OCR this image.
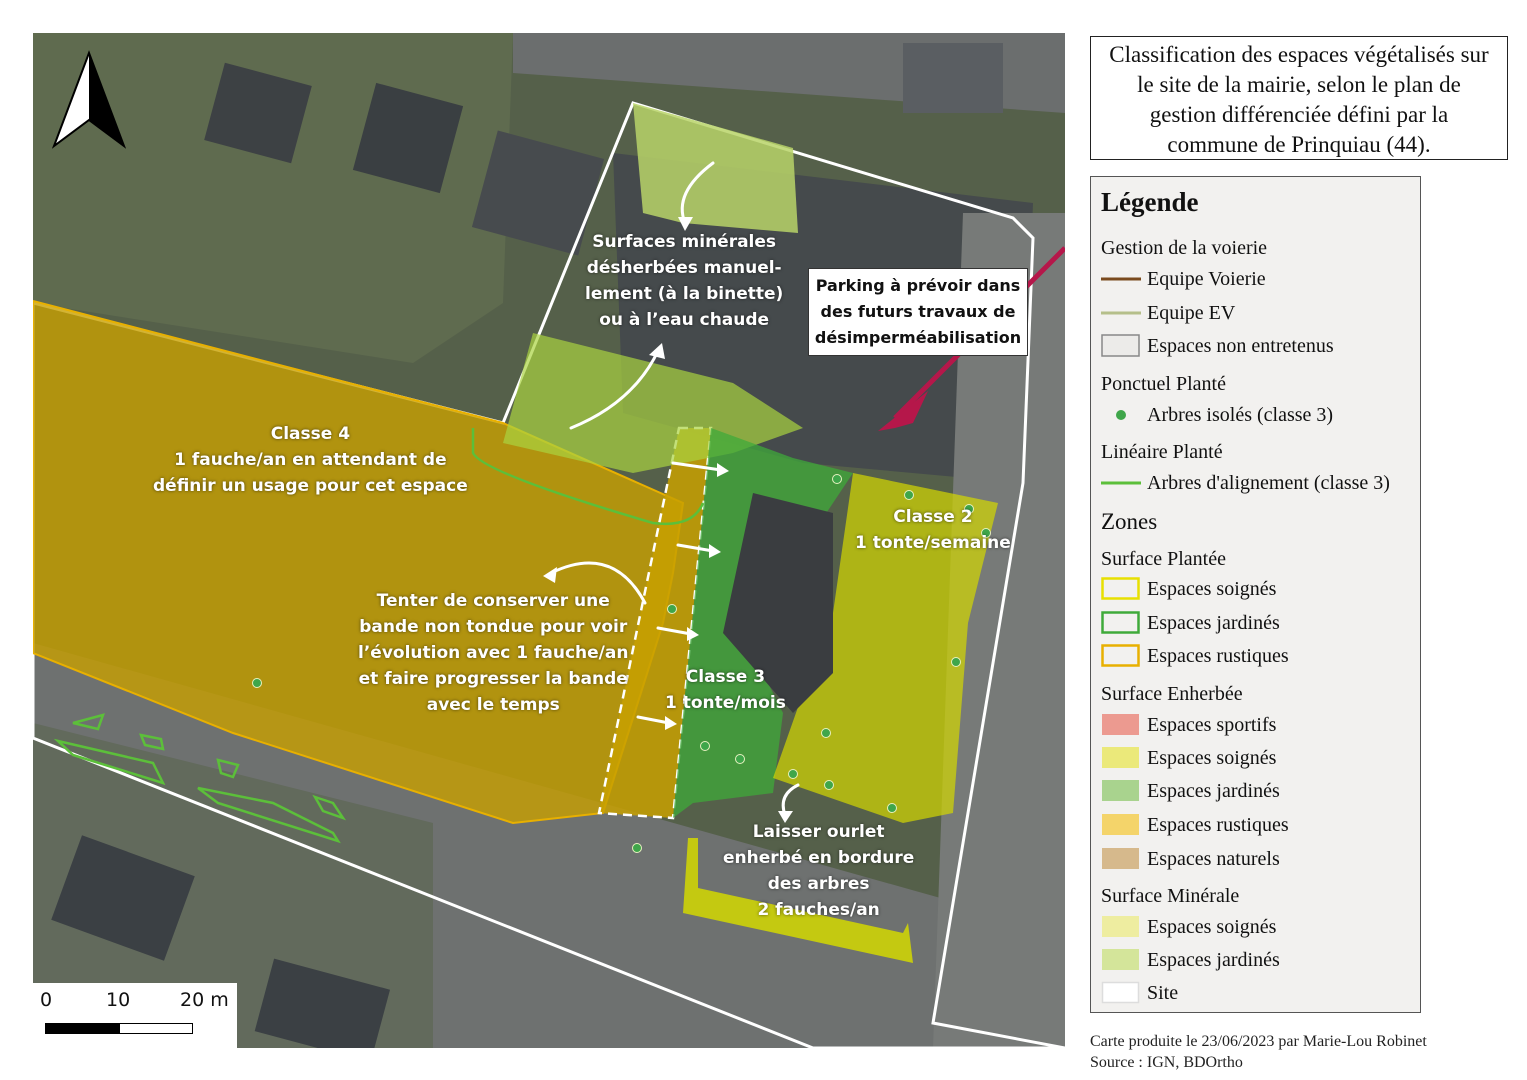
Classe 4
1 fauche/an en attendant de
définir un usage pour cet espace
Surfaces minérales
désherbées manuel-
lement (à la binette)
ou à l’eau chaude
Classe 2
1 tonte/semaine
Classe 3
1 tonte/mois
Tenter de conserver une
bande non tondue pour voir
l’évolution avec 1 fauche/an
et faire progresser la bande
avec le temps
Laisser ourlet
enherbé en bordure
des arbres
2 fauches/an
Parking à prévoir dans
des futurs travaux de
désimperméabilisation
0	10	20 m
Classification des espaces végétalisés sur
le site de la mairie, selon le plan de
gestion différenciée défini par la
commune de Prinquiau (44).
Légende
Gestion de la voierie
Equipe Voierie
Equipe EV
Espaces non entretenus
Ponctuel Planté
Arbres isolés (classe 3)
Linéaire Planté
Arbres d'alignement (classe 3)
Zones
Surface Plantée
Espaces soignés
Espaces jardinés
Espaces rustiques
Surface Enherbée
Espaces sportifs
Espaces soignés
Espaces jardinés
Espaces rustiques
Espaces naturels
Surface Minérale
Espaces soignés
Espaces jardinés
Site
Carte produite le 23/06/2023 par Marie-Lou Robinet
Source : IGN, BDOrtho
